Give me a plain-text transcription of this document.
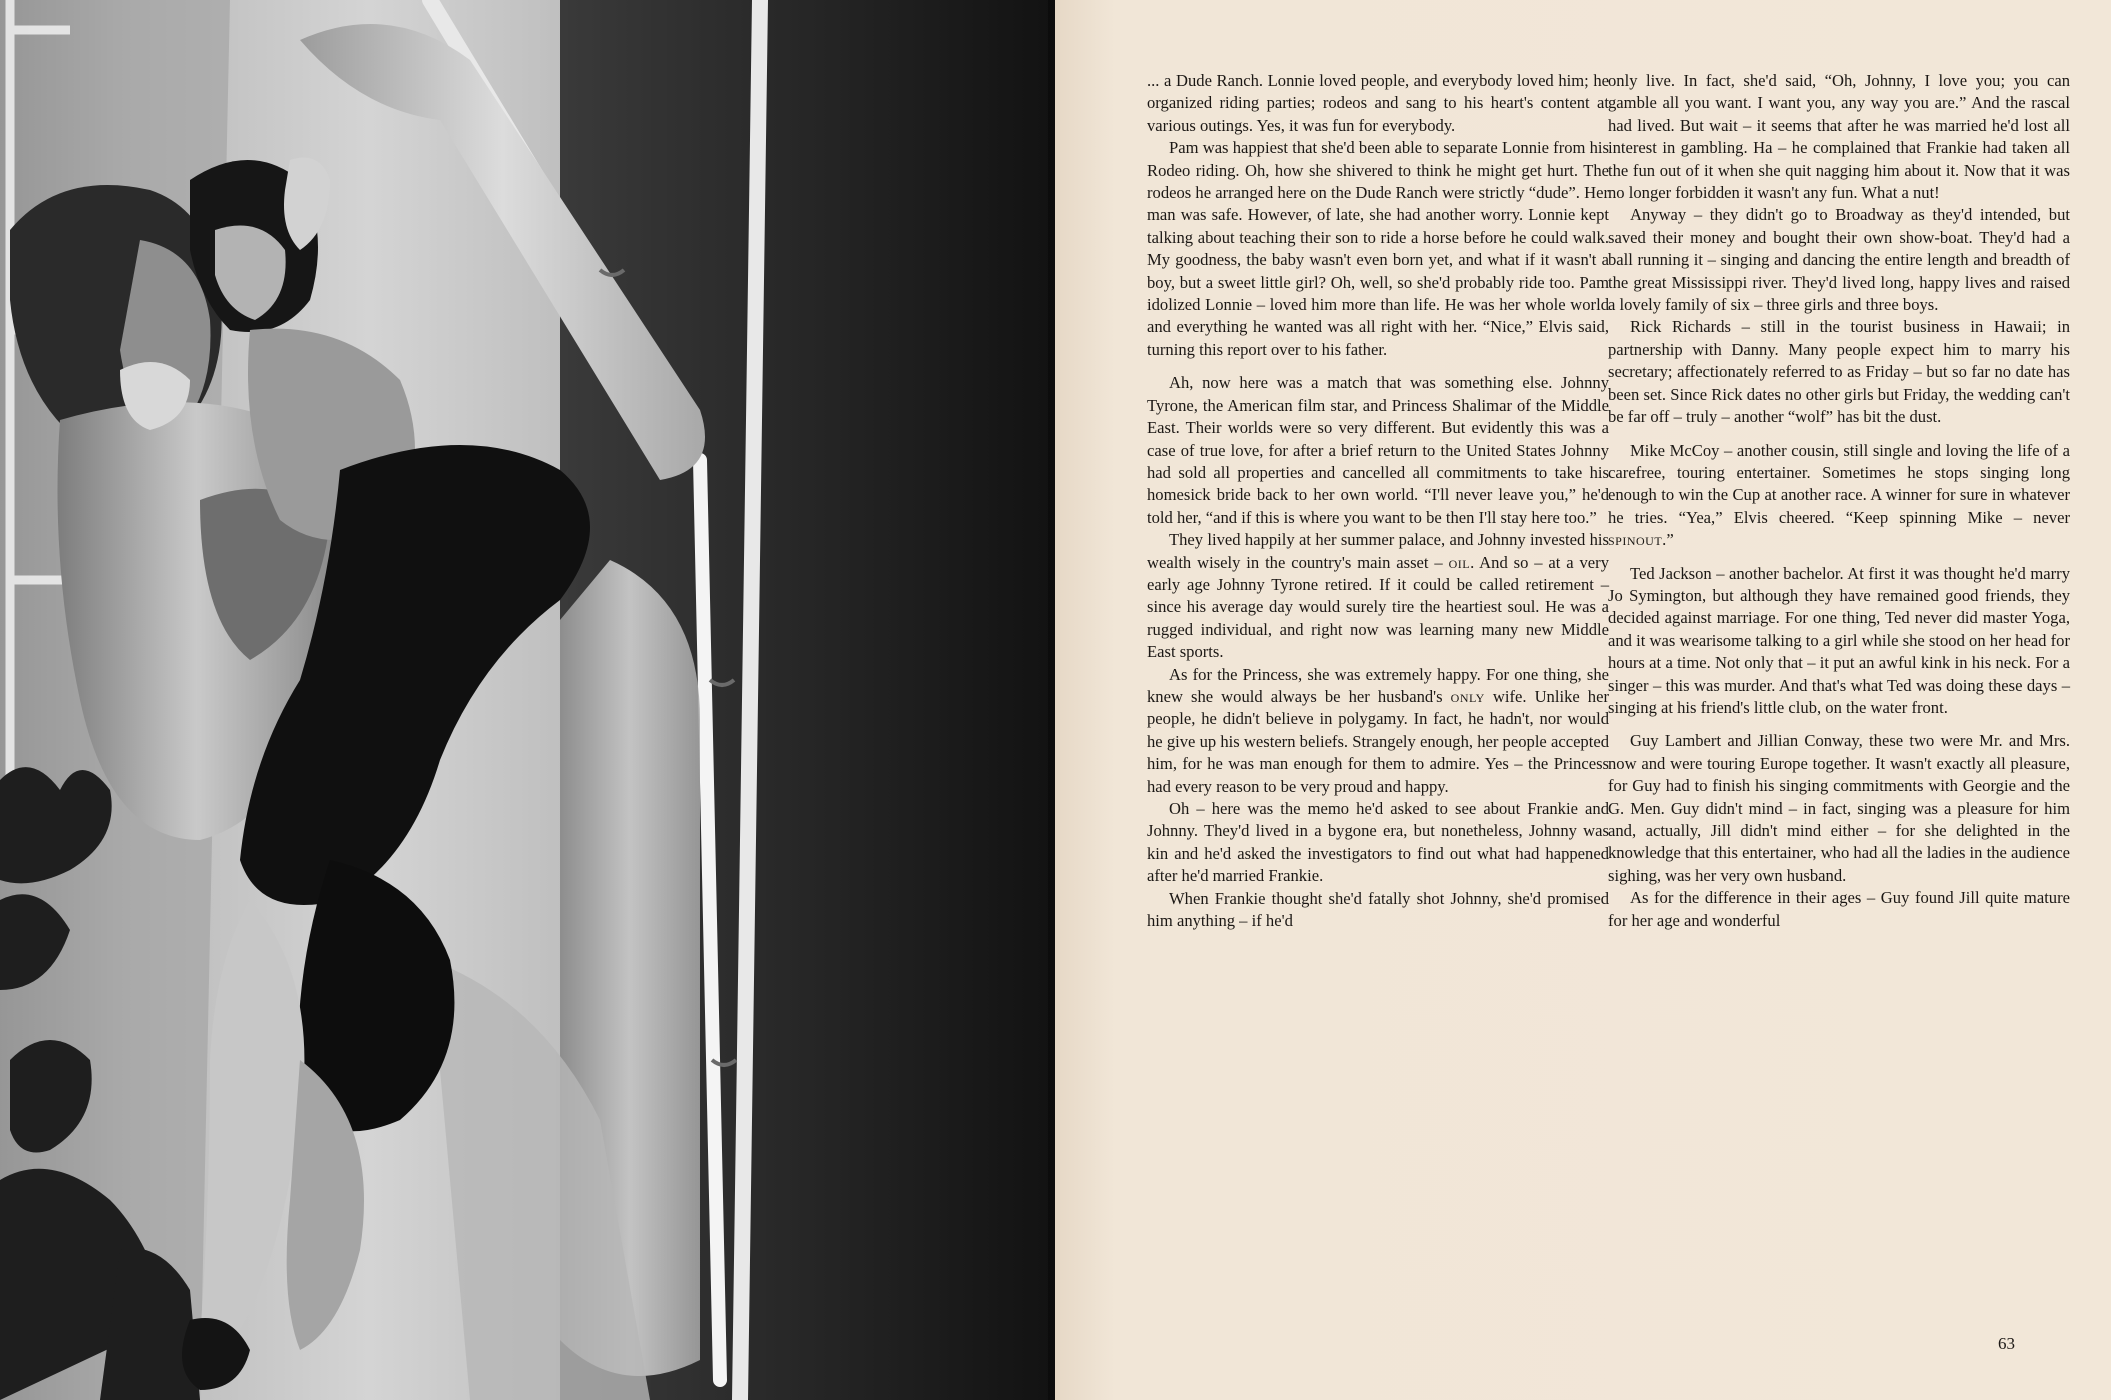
... a Dude Ranch. Lonnie loved people, and everybody loved him; he organized riding parties; rodeos and sang to his heart's content at various outings. Yes, it was fun for everybody.

Pam was happiest that she'd been able to separate Lonnie from his Rodeo riding. Oh, how she shivered to think he might get hurt. The rodeos he arranged here on the Dude Ranch were strictly “dude”. Her man was safe. However, of late, she had another worry. Lonnie kept talking about teaching their son to ride a horse before he could walk. My goodness, the baby wasn't even born yet, and what if it wasn't a boy, but a sweet little girl? Oh, well, so she'd probably ride too. Pam idolized Lonnie – loved him more than life. He was her whole world and everything he wanted was all right with her. “Nice,” Elvis said, turning this report over to his father.

Ah, now here was a match that was something else. Johnny Tyrone, the American film star, and Princess Shalimar of the Middle East. Their worlds were so very different. But evidently this was a case of true love, for after a brief return to the United States Johnny had sold all properties and cancelled all commitments to take his homesick bride back to her own world. “I'll never leave you,” he'd told her, “and if this is where you want to be then I'll stay here too.”

They lived happily at her summer palace, and Johnny invested his wealth wisely in the country's main asset – oil. And so – at a very early age Johnny Tyrone retired. If it could be called retirement – since his average day would surely tire the heartiest soul. He was a rugged individual, and right now was learning many new Middle East sports.

As for the Princess, she was extremely happy. For one thing, she knew she would always be her husband's only wife. Unlike her people, he didn't believe in polygamy. In fact, he hadn't, nor would he give up his western beliefs. Strangely enough, her people accepted him, for he was man enough for them to admire. Yes – the Princess had every reason to be very proud and happy.

Oh – here was the memo he'd asked to see about Frankie and Johnny. They'd lived in a bygone era, but nonetheless, Johnny was kin and he'd asked the investigators to find out what had happened after he'd married Frankie.

When Frankie thought she'd fatally shot Johnny, she'd promised him anything – if he'd

only live. In fact, she'd said, “Oh, Johnny, I love you; you can gamble all you want. I want you, any way you are.” And the rascal had lived. But wait – it seems that after he was married he'd lost all interest in gambling. Ha – he complained that Frankie had taken all the fun out of it when she quit nagging him about it. Now that it was no longer forbidden it wasn't any fun. What a nut!

Anyway – they didn't go to Broadway as they'd intended, but saved their money and bought their own show-boat. They'd had a ball running it – singing and dancing the entire length and breadth of the great Mississippi river. They'd lived long, happy lives and raised a lovely family of six – three girls and three boys.

Rick Richards – still in the tourist business in Hawaii; in partnership with Danny. Many people expect him to marry his secretary; affectionately referred to as Friday – but so far no date has been set. Since Rick dates no other girls but Friday, the wedding can't be far off – truly – another “wolf” has bit the dust.

Mike McCoy – another cousin, still single and loving the life of a carefree, touring entertainer. Sometimes he stops singing long enough to win the Cup at another race. A winner for sure in whatever he tries. “Yea,” Elvis cheered. “Keep spinning Mike – never spinout.”

Ted Jackson – another bachelor. At first it was thought he'd marry Jo Symington, but although they have remained good friends, they decided against marriage. For one thing, Ted never did master Yoga, and it was wearisome talking to a girl while she stood on her head for hours at a time. Not only that – it put an awful kink in his neck. For a singer – this was murder. And that's what Ted was doing these days – singing at his friend's little club, on the water front.

Guy Lambert and Jillian Conway, these two were Mr. and Mrs. now and were touring Europe together. It wasn't exactly all pleasure, for Guy had to finish his singing commitments with Georgie and the G. Men. Guy didn't mind – in fact, singing was a pleasure for him and, actually, Jill didn't mind either – for she delighted in the knowledge that this entertainer, who had all the ladies in the audience sighing, was her very own husband.

As for the difference in their ages – Guy found Jill quite mature for her age and wonderful

63
